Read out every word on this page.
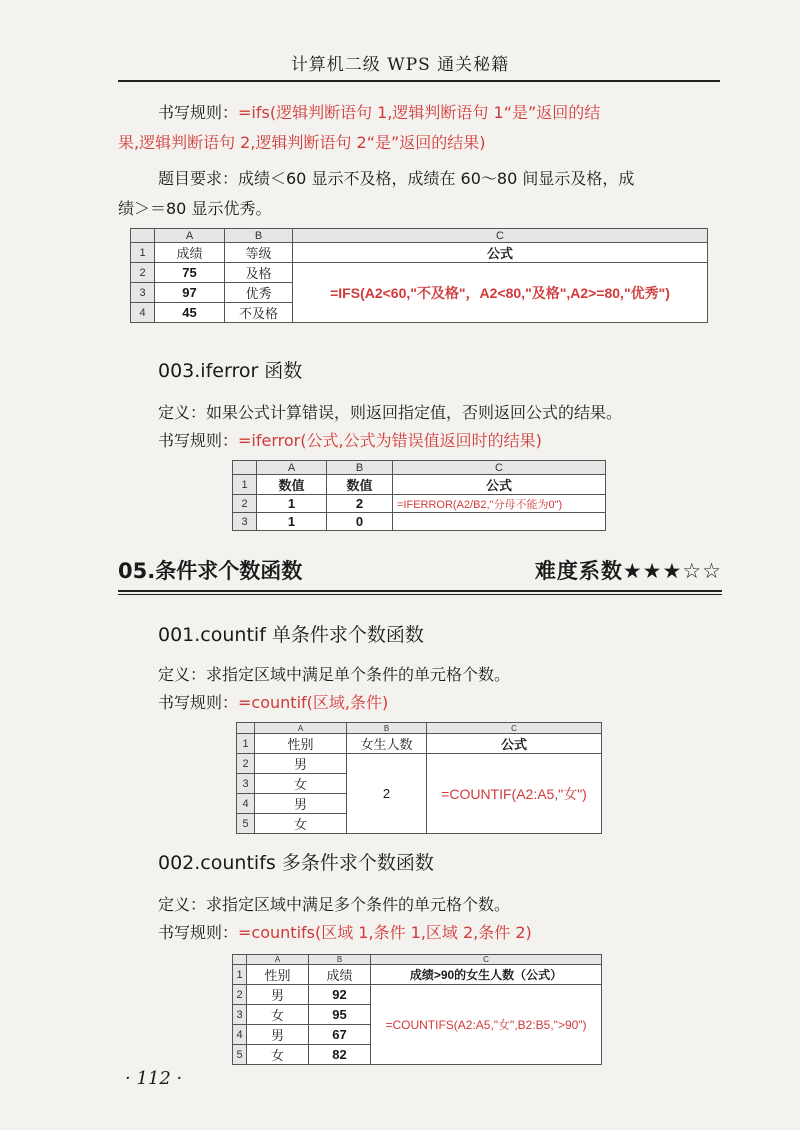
计算机二级 WPS 通关秘籍
书写规则：=ifs(逻辑判断语句 1,逻辑判断语句 1“是”返回的结
果,逻辑判断语句 2,逻辑判断语句 2“是”返回的结果)
题目要求：成绩＜60 显示不及格，成绩在 60～80 间显示及格，成
绩＞＝80 显示优秀。
	A	B	C
1	成绩	等级	公式
2	75	及格	=IFS(A2<60,"不及格"，A2<80,"及格",A2>=80,"优秀")
3	97	优秀	
4	45	不及格	
003.iferror 函数
定义：如果公式计算错误，则返回指定值，否则返回公式的结果。
书写规则：=iferror(公式,公式为错误值返回时的结果)
	A	B	C
1	数值	数值	公式
2	1	2	=IFERROR(A2/B2,"分母不能为0")
3	1	0	
05.条件求个数函数	难度系数★★★☆☆
001.countif 单条件求个数函数
定义：求指定区域中满足单个条件的单元格个数。
书写规则：=countif(区域,条件)
	A	B	C
1	性别	女生人数	公式
2	男	2	=COUNTIF(A2:A5,"女")
3	女		
4	男		
5	女		
002.countifs 多条件求个数函数
定义：求指定区域中满足多个条件的单元格个数。
书写规则：=countifs(区域 1,条件 1,区域 2,条件 2)
	A	B	C
1	性别	成绩	成绩>90的女生人数（公式）
2	男	92	=COUNTIFS(A2:A5,"女",B2:B5,">90")
3	女	95	
4	男	67	
5	女	82	
· 112 ·
